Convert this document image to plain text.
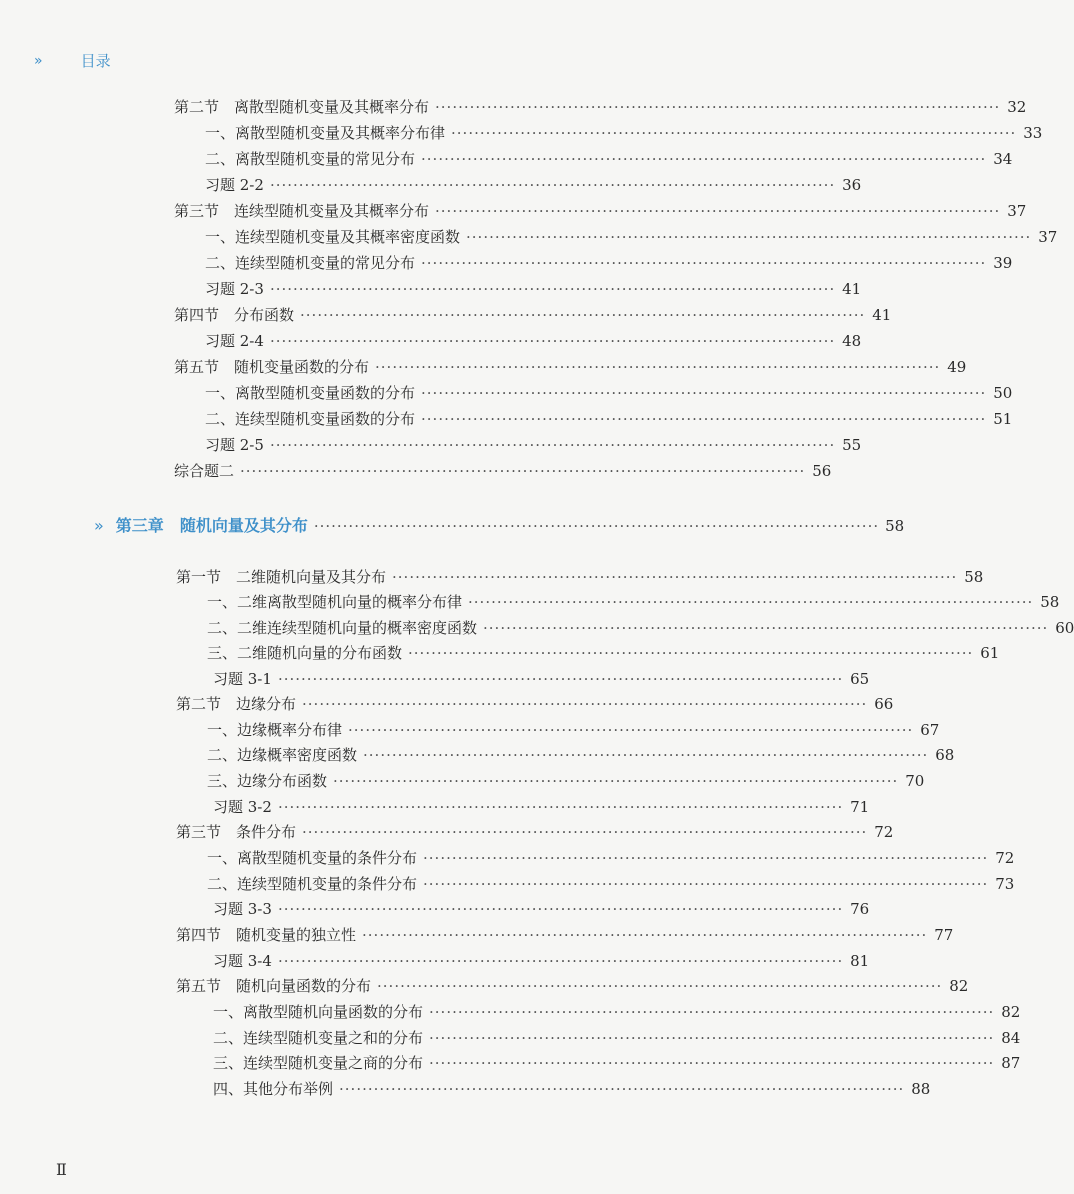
»	目录
第二节　离散型随机变量及其概率分布 ·································································································· 32
一、离散型随机变量及其概率分布律 ·································································································· 33
二、离散型随机变量的常见分布 ·································································································· 34
习题 2-2 ·································································································· 36
第三节　连续型随机变量及其概率分布 ·································································································· 37
一、连续型随机变量及其概率密度函数 ·································································································· 37
二、连续型随机变量的常见分布 ·································································································· 39
习题 2-3 ·································································································· 41
第四节　分布函数 ·································································································· 41
习题 2-4 ·································································································· 48
第五节　随机变量函数的分布 ·································································································· 49
一、离散型随机变量函数的分布 ·································································································· 50
二、连续型随机变量函数的分布 ·································································································· 51
习题 2-5 ·································································································· 55
综合题二 ·································································································· 56
» 第三章 随机向量及其分布 ·································································································· 58
第一节　二维随机向量及其分布 ·································································································· 58
一、二维离散型随机向量的概率分布律 ·································································································· 58
二、二维连续型随机向量的概率密度函数 ·································································································· 60
三、二维随机向量的分布函数 ·································································································· 61
习题 3-1 ·································································································· 65
第二节　边缘分布 ·································································································· 66
一、边缘概率分布律 ·································································································· 67
二、边缘概率密度函数 ·································································································· 68
三、边缘分布函数 ·································································································· 70
习题 3-2 ·································································································· 71
第三节　条件分布 ·································································································· 72
一、离散型随机变量的条件分布 ·································································································· 72
二、连续型随机变量的条件分布 ·································································································· 73
习题 3-3 ·································································································· 76
第四节　随机变量的独立性 ·································································································· 77
习题 3-4 ·································································································· 81
第五节　随机向量函数的分布 ·································································································· 82
一、离散型随机向量函数的分布 ·································································································· 82
二、连续型随机变量之和的分布 ·································································································· 84
三、连续型随机变量之商的分布 ·································································································· 87
四、其他分布举例 ·································································································· 88
Ⅱ
